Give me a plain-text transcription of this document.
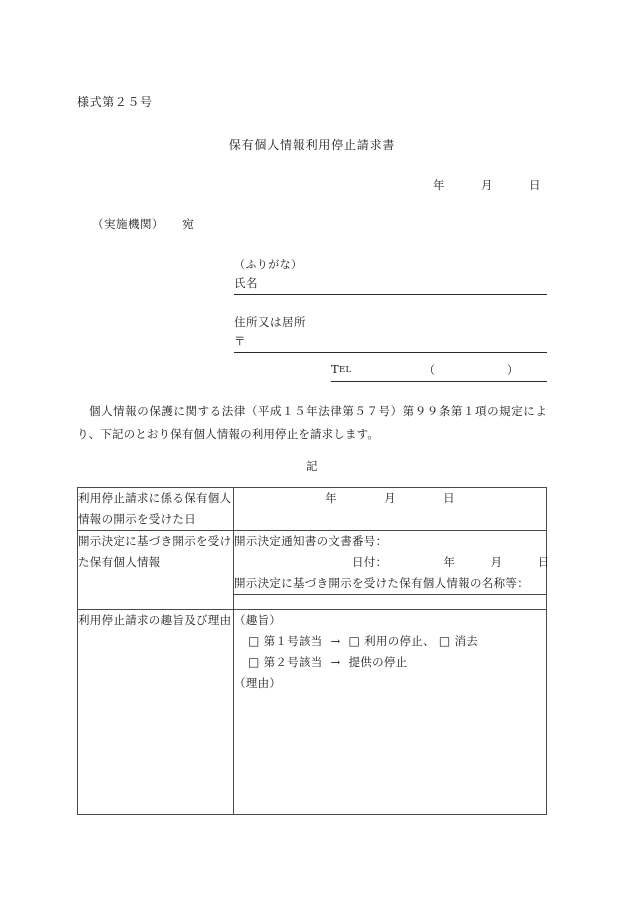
様式第２５号
保有個人情報利用停止請求書
年　　　月　　　日
（実施機関）　　宛
（ふりがな）
氏名
住所又は居所
〒
TEL	（	）
個人情報の保護に関する法律（平成１５年法律第５７号）第９９条第１項の規定により、下記のとおり保有個人情報の利用停止を請求します。
記
利用停止請求に係る保有個人情報の開示を受けた日	年　　　　月　　　　日
開示決定に基づき開示を受けた保有個人情報	開示決定通知書の文書番号：
日付： 年　　　月　　　日
開示決定に基づき開示を受けた保有個人情報の名称等：

利用停止請求の趣旨及び理由	（趣旨）
□ 第１号該当 → □ 利用の停止、 □ 消去
□ 第２号該当 → 提供の停止
（理由）
